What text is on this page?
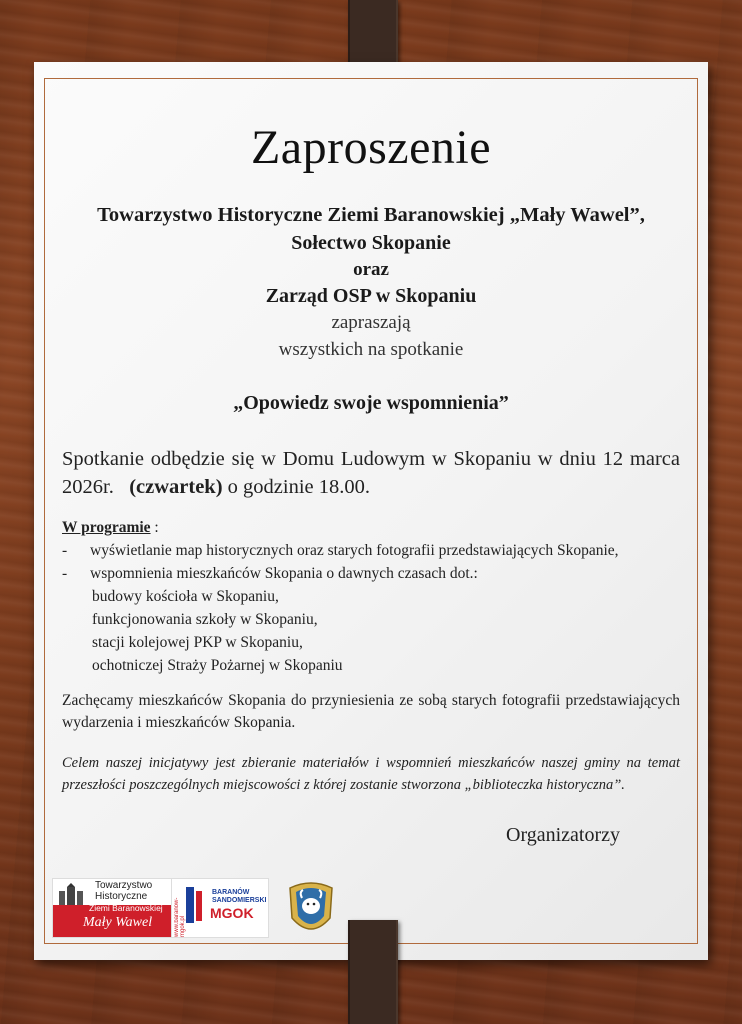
Zaproszenie
Towarzystwo Historyczne Ziemi Baranowskiej „Mały Wawel”,
Sołectwo Skopanie
oraz
Zarząd OSP w Skopaniu
zapraszają
wszystkich na spotkanie
„Opowiedz swoje wspomnienia”
Spotkanie odbędzie się w Domu Ludowym w Skopaniu w dniu 12 marca 2026r. (czwartek) o godzinie 18.00.
W programie :
- wyświetlanie map historycznych oraz starych fotografii przedstawiających Skopanie,
- wspomnienia mieszkańców Skopania o dawnych czasach dot.:
budowy kościoła w Skopaniu,
funkcjonowania szkoły w Skopaniu,
stacji kolejowej PKP w Skopaniu,
ochotniczej Straży Pożarnej w Skopaniu
Zachęcamy mieszkańców Skopania do przyniesienia ze sobą starych fotografii przedstawiających wydarzenia i mieszkańców Skopania.
Celem naszej inicjatywy jest zbieranie materiałów i wspomnień mieszkańców naszej gminy na temat przeszłości poszczególnych miejscowości z której zostanie stworzona „biblioteczka historyczna”.
Organizatorzy
Towarzystwo
Historyczne
Ziemi Baranowskiej
Mały Wawel	www.baranow-mgok.pl
BARANÓW
SANDOMIERSKI
MGOK
